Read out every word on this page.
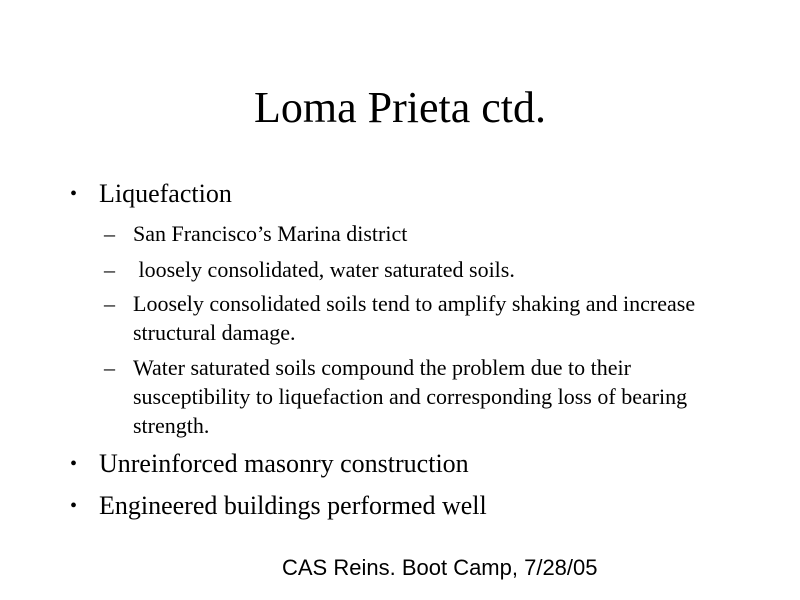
Loma Prieta ctd.
• Liquefaction
– San Francisco’s Marina district
– loosely consolidated, water saturated soils.
– Loosely consolidated soils tend to amplify shaking and increase structural damage.
– Water saturated soils compound the problem due to their susceptibility to liquefaction and corresponding loss of bearing strength.
• Unreinforced masonry construction
• Engineered buildings performed well
CAS Reins. Boot Camp, 7/28/05
